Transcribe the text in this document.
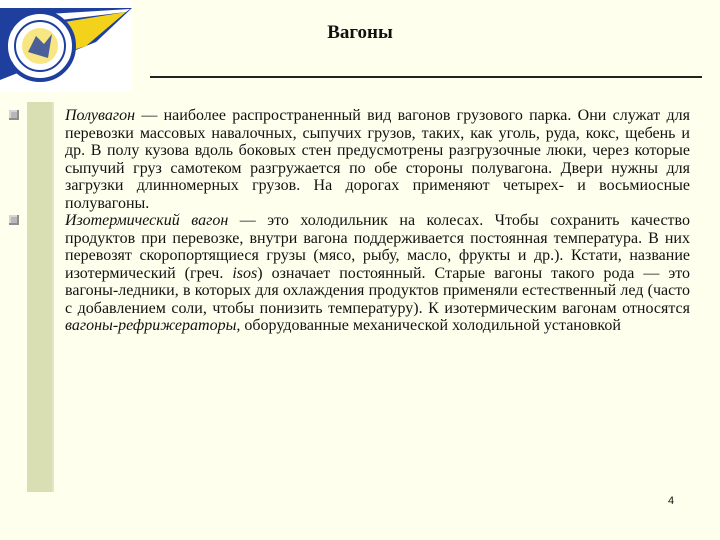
Вагоны
Полувагон — наиболее распространенный вид вагонов грузового парка. Они служат для перевозки массовых навалочных, сыпучих грузов, таких, как уголь, руда, кокс, щебень и др. В полу кузова вдоль боковых стен предусмотрены разгрузочные люки, через которые сыпучий груз самотеком разгружается по обе стороны полувагона. Двери нужны для загрузки длинномерных грузов. На дорогах применяют четырех- и восьмиосные полувагоны.
Изотермический вагон — это холодильник на колесах. Чтобы сохранить качество продуктов при перевозке, внутри вагона поддерживается постоянная температура. В них перевозят скоропортящиеся грузы (мясо, рыбу, масло, фрукты и др.). Кстати, название изотермический (греч. isos) означает постоянный. Старые вагоны такого рода — это вагоны-ледники, в которых для охлаждения продуктов применяли естественный лед (часто с добавлением соли, чтобы понизить температуру). К изотермическим вагонам относятся вагоны-рефрижераторы, оборудованные механической холодильной установкой
4
